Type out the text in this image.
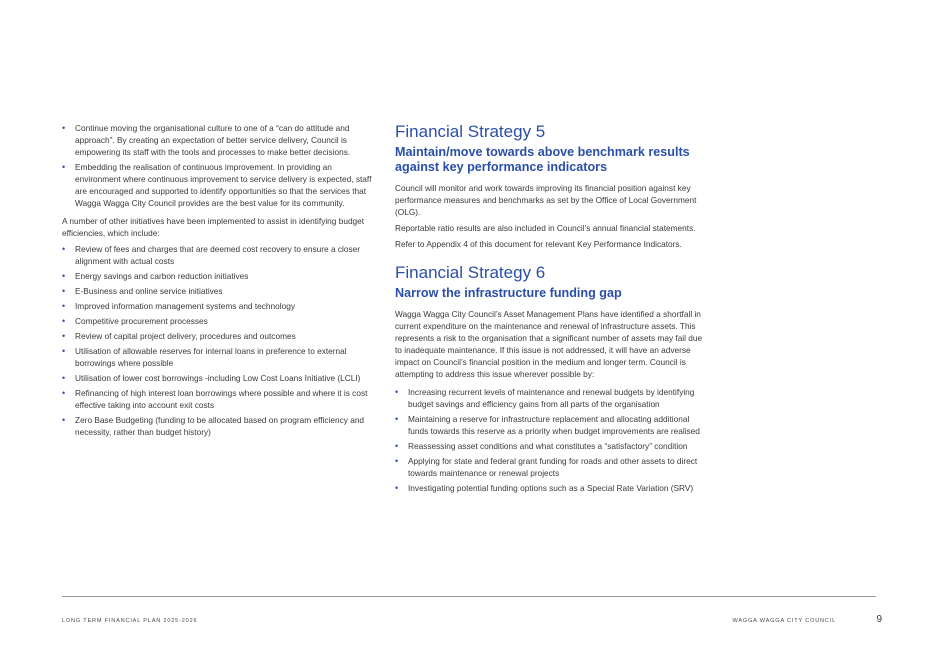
• Continue moving the organisational culture to one of a “can do attitude and approach”. By creating an expectation of better service delivery, Council is empowering its staff with the tools and processes to make better decisions.
• Embedding the realisation of continuous improvement. In providing an environment where continuous improvement to service delivery is expected, staff are encouraged and supported to identify opportunities so that the services that Wagga Wagga City Council provides are the best value for its community.

A number of other initiatives have been implemented to assist in identifying budget efficiencies, which include:

• Review of fees and charges that are deemed cost recovery to ensure a closer alignment with actual costs
• Energy savings and carbon reduction initiatives
• E-Business and online service initiatives
• Improved information management systems and technology
• Competitive procurement processes
• Review of capital project delivery, procedures and outcomes
• Utilisation of allowable reserves for internal loans in preference to external borrowings where possible
• Utilisation of lower cost borrowings -including Low Cost Loans Initiative (LCLI)
• Refinancing of high interest loan borrowings where possible and where it is cost effective taking into account exit costs
• Zero Base Budgeting (funding to be allocated based on program efficiency and necessity, rather than budget history)
Financial Strategy 5
Maintain/move towards above benchmark results against key performance indicators

Council will monitor and work towards improving its financial position against key performance measures and benchmarks as set by the Office of Local Government (OLG).

Reportable ratio results are also included in Council’s annual financial statements.

Refer to Appendix 4 of this document for relevant Key Performance Indicators.

Financial Strategy 6
Narrow the infrastructure funding gap

Wagga Wagga City Council’s Asset Management Plans have identified a shortfall in current expenditure on the maintenance and renewal of infrastructure assets. This represents a risk to the organisation that a significant number of assets may fail due to inadequate maintenance. If this issue is not addressed, it will have an adverse impact on Council’s financial position in the medium and longer term. Council is attempting to address this issue wherever possible by:

• Increasing recurrent levels of maintenance and renewal budgets by identifying budget savings and efficiency gains from all parts of the organisation
• Maintaining a reserve for infrastructure replacement and allocating additional funds towards this reserve as a priority when budget improvements are realised
• Reassessing asset conditions and what constitutes a “satisfactory” condition
• Applying for state and federal grant funding for roads and other assets to direct towards maintenance or renewal projects
• Investigating potential funding options such as a Special Rate Variation (SRV)
LONG TERM FINANCIAL PLAN 2025-2026	WAGGA WAGGA CITY COUNCIL	9
